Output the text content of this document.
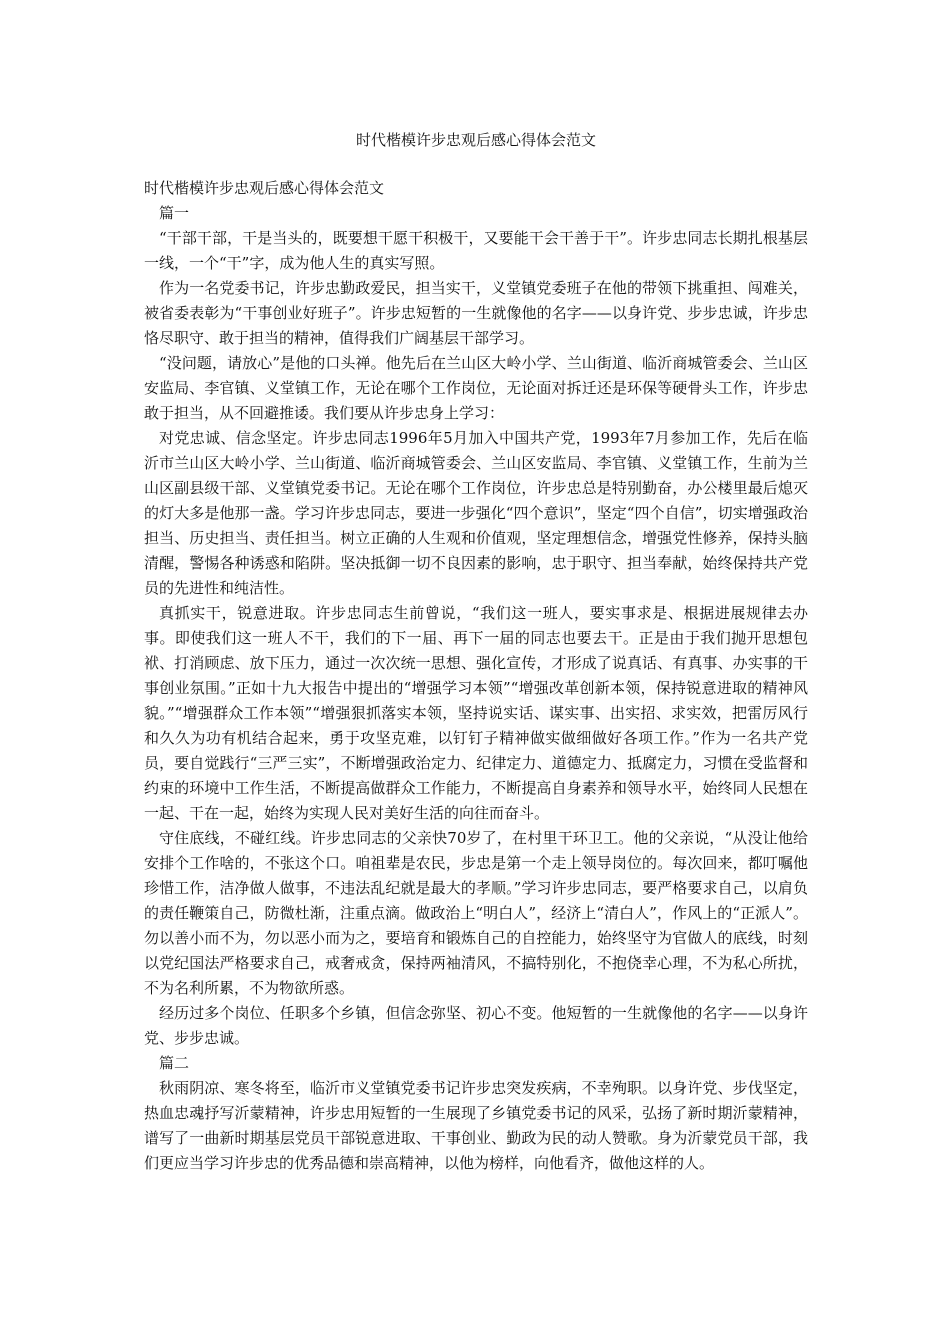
时代楷模许步忠观后感心得体会范文

时代楷模许步忠观后感心得体会范文

篇一

“干部干部，干是当头的，既要想干愿干积极干，又要能干会干善于干”。许步忠同志长期扎根基层一线，一个“干”字，成为他人生的真实写照。

作为一名党委书记，许步忠勤政爱民，担当实干，义堂镇党委班子在他的带领下挑重担、闯难关，被省委表彰为“干事创业好班子”。许步忠短暂的一生就像他的名字——以身许党、步步忠诚，许步忠恪尽职守、敢于担当的精神，值得我们广阔基层干部学习。

“没问题，请放心”是他的口头禅。他先后在兰山区大岭小学、兰山街道、临沂商城管委会、兰山区安监局、李官镇、义堂镇工作，无论在哪个工作岗位，无论面对拆迁还是环保等硬骨头工作，许步忠敢于担当，从不回避推诿。我们要从许步忠身上学习：

对党忠诚、信念坚定。许步忠同志1996年5月加入中国共产党，1993年7月参加工作，先后在临沂市兰山区大岭小学、兰山街道、临沂商城管委会、兰山区安监局、李官镇、义堂镇工作，生前为兰山区副县级干部、义堂镇党委书记。无论在哪个工作岗位，许步忠总是特别勤奋，办公楼里最后熄灭的灯大多是他那一盏。学习许步忠同志，要进一步强化“四个意识”，坚定“四个自信”，切实增强政治担当、历史担当、责任担当。树立正确的人生观和价值观，坚定理想信念，增强党性修养，保持头脑清醒，警惕各种诱惑和陷阱。坚决抵御一切不良因素的影响，忠于职守、担当奉献，始终保持共产党员的先进性和纯洁性。

真抓实干，锐意进取。许步忠同志生前曾说，“我们这一班人，要实事求是、根据进展规律去办事。即使我们这一班人不干，我们的下一届、再下一届的同志也要去干。正是由于我们抛开思想包袱、打消顾虑、放下压力，通过一次次统一思想、强化宣传，才形成了说真话、有真事、办实事的干事创业氛围。”正如十九大报告中提出的“增强学习本领”“增强改革创新本领，保持锐意进取的精神风貌。”“增强群众工作本领”“增强狠抓落实本领，坚持说实话、谋实事、出实招、求实效，把雷厉风行和久久为功有机结合起来，勇于攻坚克难，以钉钉子精神做实做细做好各项工作。”作为一名共产党员，要自觉践行“三严三实”，不断增强政治定力、纪律定力、道德定力、抵腐定力，习惯在受监督和约束的环境中工作生活，不断提高做群众工作能力，不断提高自身素养和领导水平，始终同人民想在一起、干在一起，始终为实现人民对美好生活的向往而奋斗。

守住底线，不碰红线。许步忠同志的父亲快70岁了，在村里干环卫工。他的父亲说，“从没让他给安排个工作啥的，不张这个口。咱祖辈是农民，步忠是第一个走上领导岗位的。每次回来，都叮嘱他珍惜工作，洁净做人做事，不违法乱纪就是最大的孝顺。”学习许步忠同志，要严格要求自己，以肩负的责任鞭策自己，防微杜渐，注重点滴。做政治上“明白人”，经济上“清白人”，作风上的“正派人”。勿以善小而不为，勿以恶小而为之，要培育和锻炼自己的自控能力，始终坚守为官做人的底线，时刻以党纪国法严格要求自己，戒奢戒贪，保持两袖清风，不搞特别化，不抱侥幸心理，不为私心所扰，不为名利所累，不为物欲所惑。

经历过多个岗位、任职多个乡镇，但信念弥坚、初心不变。他短暂的一生就像他的名字——以身许党、步步忠诚。

篇二

秋雨阴凉、寒冬将至，临沂市义堂镇党委书记许步忠突发疾病，不幸殉职。以身许党、步伐坚定，热血忠魂抒写沂蒙精神，许步忠用短暂的一生展现了乡镇党委书记的风采，弘扬了新时期沂蒙精神，谱写了一曲新时期基层党员干部锐意进取、干事创业、勤政为民的动人赞歌。身为沂蒙党员干部，我们更应当学习许步忠的优秀品德和崇高精神，以他为榜样，向他看齐，做他这样的人。
